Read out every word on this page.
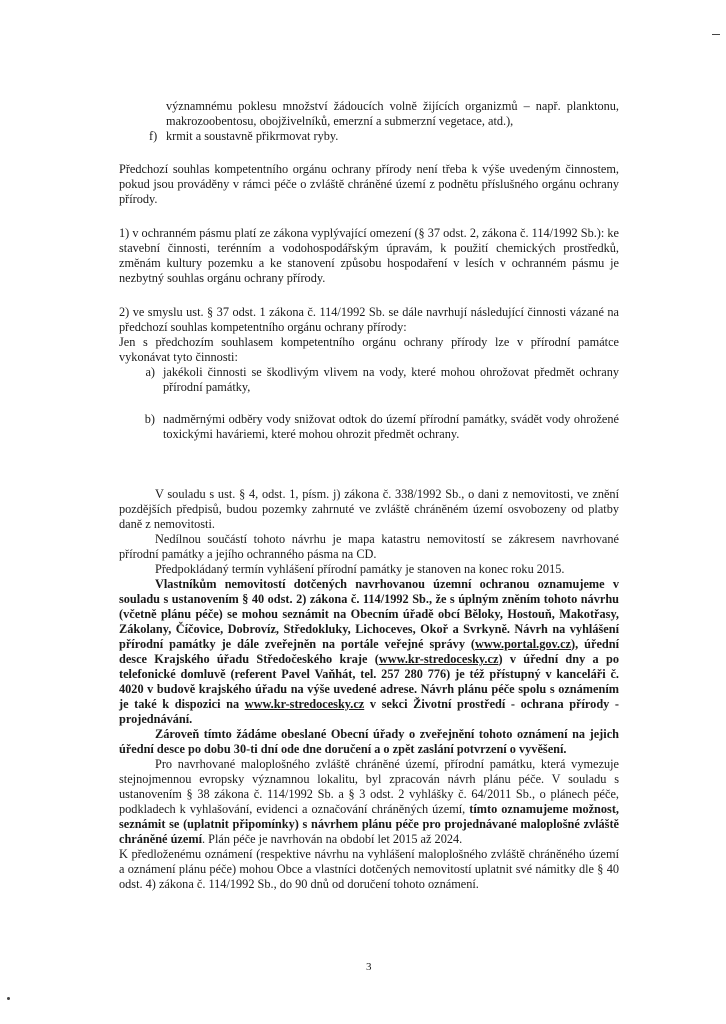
významnému poklesu množství žádoucích volně žijících organizmů – např. planktonu, makrozoobentosu, obojživelníků, emerzní a submerzní vegetace, atd.),

f) krmit a soustavně přikrmovat ryby.

Předchozí souhlas kompetentního orgánu ochrany přírody není třeba k výše uvedeným činnostem, pokud jsou prováděny v rámci péče o zvláště chráněné území z podnětu příslušného orgánu ochrany přírody.

1) v ochranném pásmu platí ze zákona vyplývající omezení (§ 37 odst. 2, zákona č. 114/1992 Sb.): ke stavební činnosti, terénním a vodohospodářským úpravám, k použití chemických prostředků, změnám kultury pozemku a ke stanovení způsobu hospodaření v lesích v ochranném pásmu je nezbytný souhlas orgánu ochrany přírody.

2) ve smyslu ust. § 37 odst. 1 zákona č. 114/1992 Sb. se dále navrhují následující činnosti vázané na předchozí souhlas kompetentního orgánu ochrany přírody:

Jen s předchozím souhlasem kompetentního orgánu ochrany přírody lze v přírodní památce vykonávat tyto činnosti:

a) jakékoli činnosti se škodlivým vlivem na vody, které mohou ohrožovat předmět ochrany přírodní památky,
b) nadměrnými odběry vody snižovat odtok do území přírodní památky, svádět vody ohrožené toxickými haváriemi, které mohou ohrozit předmět ochrany.

V souladu s ust. § 4, odst. 1, písm. j) zákona č. 338/1992 Sb., o dani z nemovitosti, ve znění pozdějších předpisů, budou pozemky zahrnuté ve zvláště chráněném území osvobozeny od platby daně z nemovitosti.

Nedílnou součástí tohoto návrhu je mapa katastru nemovitostí se zákresem navrhované přírodní památky a jejího ochranného pásma na CD.

Předpokládaný termín vyhlášení přírodní památky je stanoven na konec roku 2015.

Vlastníkům nemovitostí dotčených navrhovanou územní ochranou oznamujeme v souladu s ustanovením § 40 odst. 2) zákona č. 114/1992 Sb., že s úplným zněním tohoto návrhu (včetně plánu péče) se mohou seznámit na Obecním úřadě obcí Běloky, Hostouň, Makotřasy, Zákolany, Číčovice, Dobrovíz, Středokluky, Lichoceves, Okoř a Svrkyně. Návrh na vyhlášení přírodní památky je dále zveřejněn na portále veřejné správy (www.portal.gov.cz), úřední desce Krajského úřadu Středočeského kraje (www.kr-stredocesky.cz) v úřední dny a po telefonické domluvě (referent Pavel Vaňhát, tel. 257 280 776) je též přístupný v kanceláři č. 4020 v budově krajského úřadu na výše uvedené adrese. Návrh plánu péče spolu s oznámením je také k dispozici na www.kr-stredocesky.cz v sekci Životní prostředí - ochrana přírody - projednávání.

Zároveň tímto žádáme obeslané Obecní úřady o zveřejnění tohoto oznámení na jejich úřední desce po dobu 30-ti dní ode dne doručení a o zpět zaslání potvrzení o vyvěšení.

Pro navrhované maloplošného zvláště chráněné území, přírodní památku, která vymezuje stejnojmennou evropsky významnou lokalitu, byl zpracován návrh plánu péče. V souladu s ustanovením § 38 zákona č. 114/1992 Sb. a § 3 odst. 2 vyhlášky č. 64/2011 Sb., o plánech péče, podkladech k vyhlašování, evidenci a označování chráněných území, tímto oznamujeme možnost, seznámit se (uplatnit připomínky) s návrhem plánu péče pro projednávané maloplošné zvláště chráněné území. Plán péče je navrhován na období let 2015 až 2024.

K předloženému oznámení (respektive návrhu na vyhlášení maloplošného zvláště chráněného území a oznámení plánu péče) mohou Obce a vlastníci dotčených nemovitostí uplatnit své námitky dle § 40 odst. 4) zákona č. 114/1992 Sb., do 90 dnů od doručení tohoto oznámení.

3
